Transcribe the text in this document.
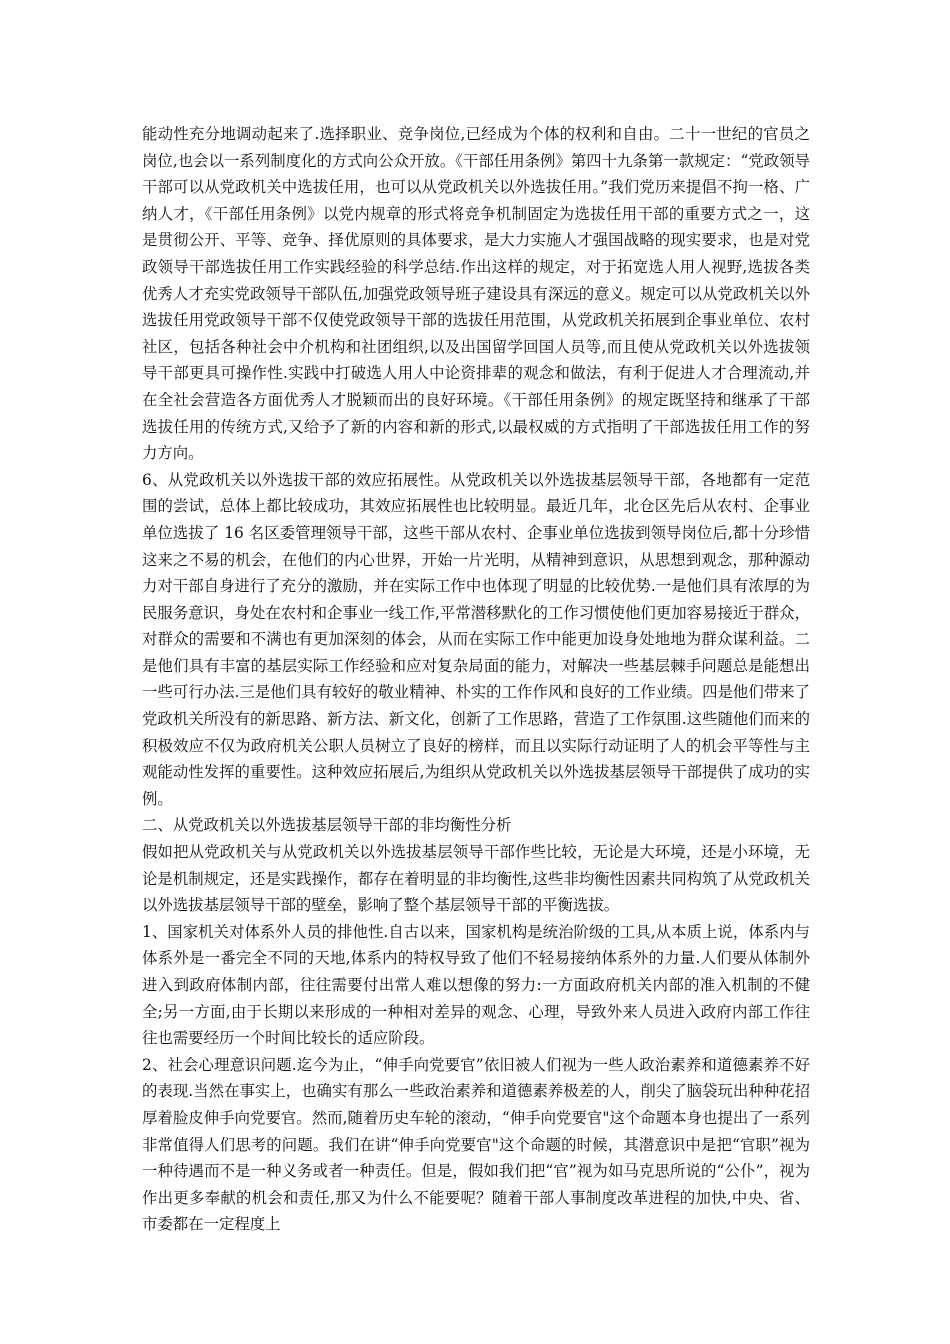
能动性充分地调动起来了.选择职业、竞争岗位,已经成为个体的权利和自由。二十一世纪的官员之岗位,也会以一系列制度化的方式向公众开放。《干部任用条例》第四十九条第一款规定：“党政领导干部可以从党政机关中选拔任用，也可以从党政机关以外选拔任用。”我们党历来提倡不拘一格、广纳人才，《干部任用条例》以党内规章的形式将竞争机制固定为选拔任用干部的重要方式之一，这是贯彻公开、平等、竞争、择优原则的具体要求，是大力实施人才强国战略的现实要求，也是对党政领导干部选拔任用工作实践经验的科学总结.作出这样的规定，对于拓宽选人用人视野,选拔各类优秀人才充实党政领导干部队伍,加强党政领导班子建设具有深远的意义。规定可以从党政机关以外选拔任用党政领导干部不仅使党政领导干部的选拔任用范围，从党政机关拓展到企事业单位、农村社区，包括各种社会中介机构和社团组织,以及出国留学回国人员等,而且使从党政机关以外选拔领导干部更具可操作性.实践中打破选人用人中论资排辈的观念和做法，有利于促进人才合理流动,并在全社会营造各方面优秀人才脱颖而出的良好环境。《干部任用条例》的规定既坚持和继承了干部选拔任用的传统方式,又给予了新的内容和新的形式,以最权威的方式指明了干部选拔任用工作的努力方向。

6、从党政机关以外选拔干部的效应拓展性。从党政机关以外选拔基层领导干部，各地都有一定范围的尝试，总体上都比较成功，其效应拓展性也比较明显。最近几年，北仓区先后从农村、企事业单位选拔了 16 名区委管理领导干部，这些干部从农村、企事业单位选拔到领导岗位后,都十分珍惜这来之不易的机会，在他们的内心世界，开始一片光明，从精神到意识，从思想到观念，那种源动力对干部自身进行了充分的激励，并在实际工作中也体现了明显的比较优势.一是他们具有浓厚的为民服务意识，身处在农村和企事业一线工作,平常潜移默化的工作习惯使他们更加容易接近于群众，对群众的需要和不满也有更加深刻的体会，从而在实际工作中能更加设身处地地为群众谋利益。二是他们具有丰富的基层实际工作经验和应对复杂局面的能力，对解决一些基层棘手问题总是能想出一些可行办法.三是他们具有较好的敬业精神、朴实的工作作风和良好的工作业绩。四是他们带来了党政机关所没有的新思路、新方法、新文化，创新了工作思路，营造了工作氛围.这些随他们而来的积极效应不仅为政府机关公职人员树立了良好的榜样，而且以实际行动证明了人的机会平等性与主观能动性发挥的重要性。这种效应拓展后,为组织从党政机关以外选拔基层领导干部提供了成功的实例。

二、从党政机关以外选拔基层领导干部的非均衡性分析

假如把从党政机关与从党政机关以外选拔基层领导干部作些比较，无论是大环境，还是小环境，无论是机制规定，还是实践操作，都存在着明显的非均衡性,这些非均衡性因素共同构筑了从党政机关以外选拔基层领导干部的壁垒，影响了整个基层领导干部的平衡选拔。

1、国家机关对体系外人员的排他性.自古以来，国家机构是统治阶级的工具,从本质上说，体系内与体系外是一番完全不同的天地,体系内的特权导致了他们不轻易接纳体系外的力量.人们要从体制外进入到政府体制内部，往往需要付出常人难以想像的努力:一方面政府机关内部的准入机制的不健全;另一方面,由于长期以来形成的一种相对差异的观念、心理，导致外来人员进入政府内部工作往往也需要经历一个时间比较长的适应阶段。

2、社会心理意识问题.迄今为止，“伸手向党要官”依旧被人们视为一些人政治素养和道德素养不好的表现.当然在事实上，也确实有那么一些政治素养和道德素养极差的人，削尖了脑袋玩出种种花招厚着脸皮伸手向党要官。然而,随着历史车轮的滚动，“伸手向党要官"这个命题本身也提出了一系列非常值得人们思考的问题。我们在讲“伸手向党要官"这个命题的时候，其潜意识中是把“官职”视为一种待遇而不是一种义务或者一种责任。但是，假如我们把“官”视为如马克思所说的“公仆”，视为作出更多奉献的机会和责任,那又为什么不能要呢？随着干部人事制度改革进程的加快,中央、省、市委都在一定程度上
